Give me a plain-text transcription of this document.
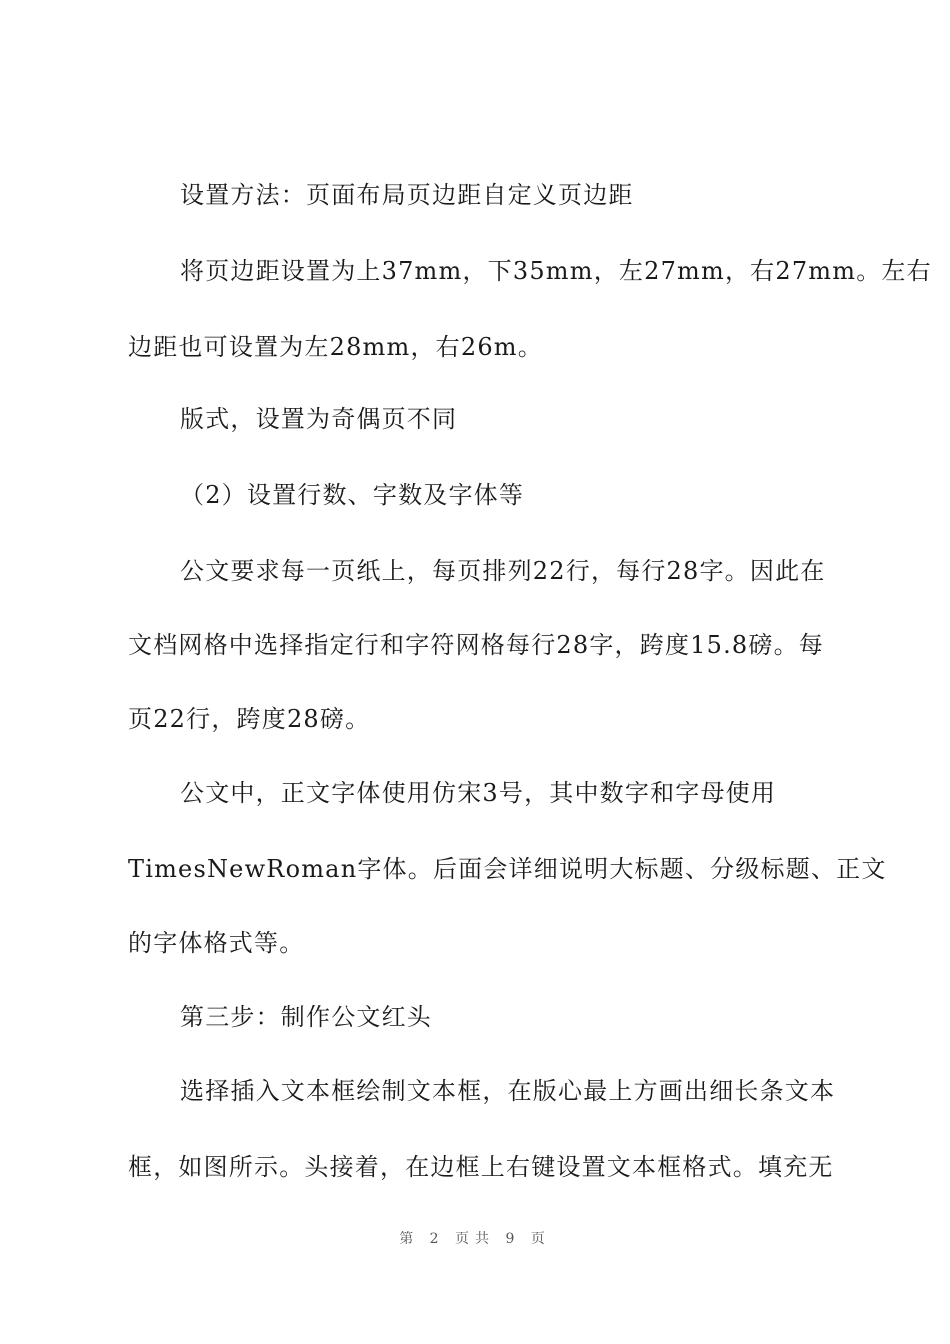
设置方法：页面布局页边距自定义页边距
将页边距设置为上37mm，下35mm，左27mm，右27mm。左右
边距也可设置为左28mm，右26m。
版式，设置为奇偶页不同
（2）设置行数、字数及字体等
公文要求每一页纸上，每页排列22行，每行28字。因此在
文档网格中选择指定行和字符网格每行28字，跨度15.8磅。每
页22行，跨度28磅。
公文中，正文字体使用仿宋3号，其中数字和字母使用
TimesNewRoman字体。后面会详细说明大标题、分级标题、正文
的字体格式等。
第三步：制作公文红头
选择插入文本框绘制文本框，在版心最上方画出细长条文本
框，如图所示。头接着，在边框上右键设置文本框格式。填充无
第 2 页共 9 页
